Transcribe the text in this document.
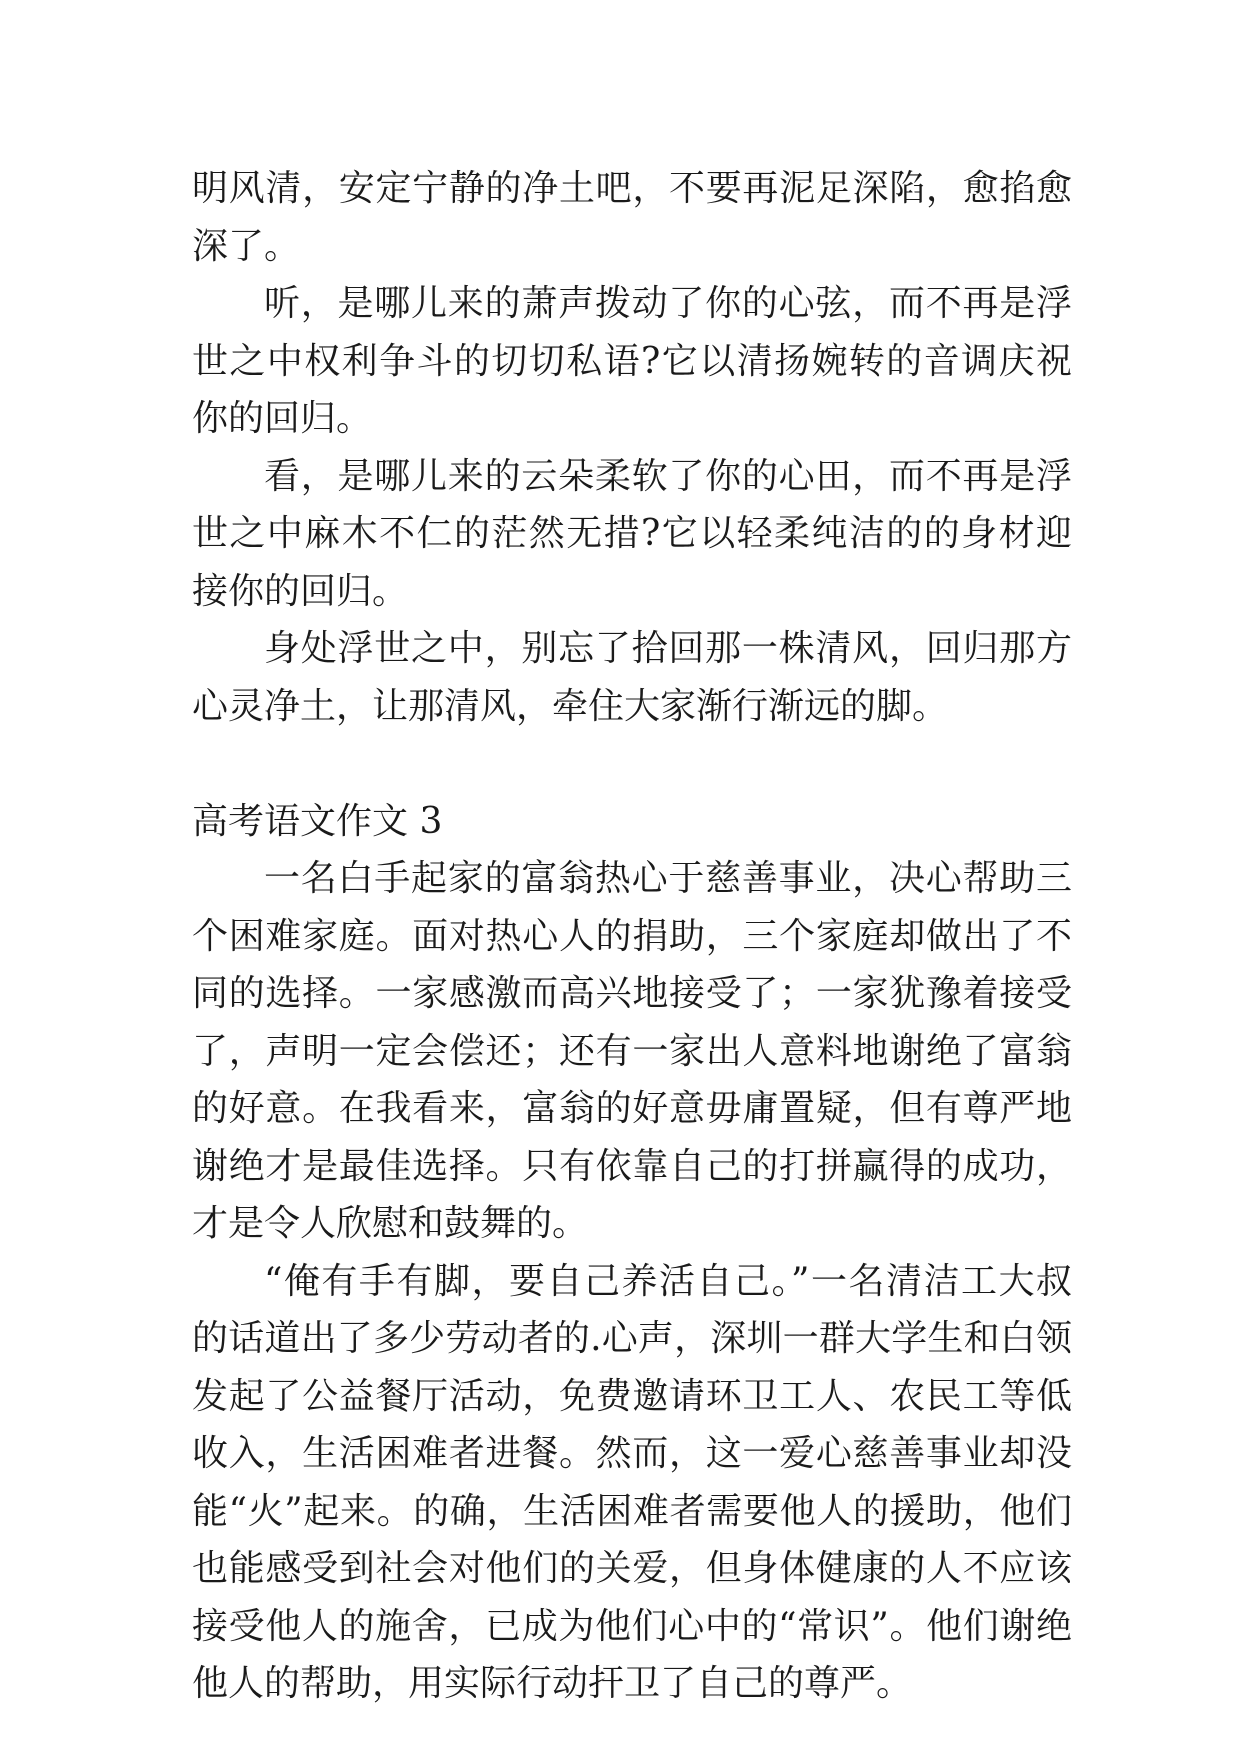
明风清，安定宁静的净土吧，不要再泥足深陷，愈掐愈深了。

听，是哪儿来的萧声拨动了你的心弦，而不再是浮世之中权利争斗的切切私语?它以清扬婉转的音调庆祝你的回归。

看，是哪儿来的云朵柔软了你的心田，而不再是浮世之中麻木不仁的茫然无措?它以轻柔纯洁的的身材迎接你的回归。

身处浮世之中，别忘了拾回那一株清风，回归那方心灵净土，让那清风，牵住大家渐行渐远的脚。

高考语文作文 3

一名白手起家的富翁热心于慈善事业，决心帮助三个困难家庭。面对热心人的捐助，三个家庭却做出了不同的选择。一家感激而高兴地接受了；一家犹豫着接受了，声明一定会偿还；还有一家出人意料地谢绝了富翁的好意。在我看来，富翁的好意毋庸置疑，但有尊严地谢绝才是最佳选择。只有依靠自己的打拼赢得的成功，才是令人欣慰和鼓舞的。

“俺有手有脚，要自己养活自己。”一名清洁工大叔的话道出了多少劳动者的.心声，深圳一群大学生和白领发起了公益餐厅活动，免费邀请环卫工人、农民工等低收入，生活困难者进餐。然而，这一爱心慈善事业却没能“火”起来。的确，生活困难者需要他人的援助，他们也能感受到社会对他们的关爱，但身体健康的人不应该接受他人的施舍，已成为他们心中的“常识”。他们谢绝他人的帮助，用实际行动扞卫了自己的尊严。
